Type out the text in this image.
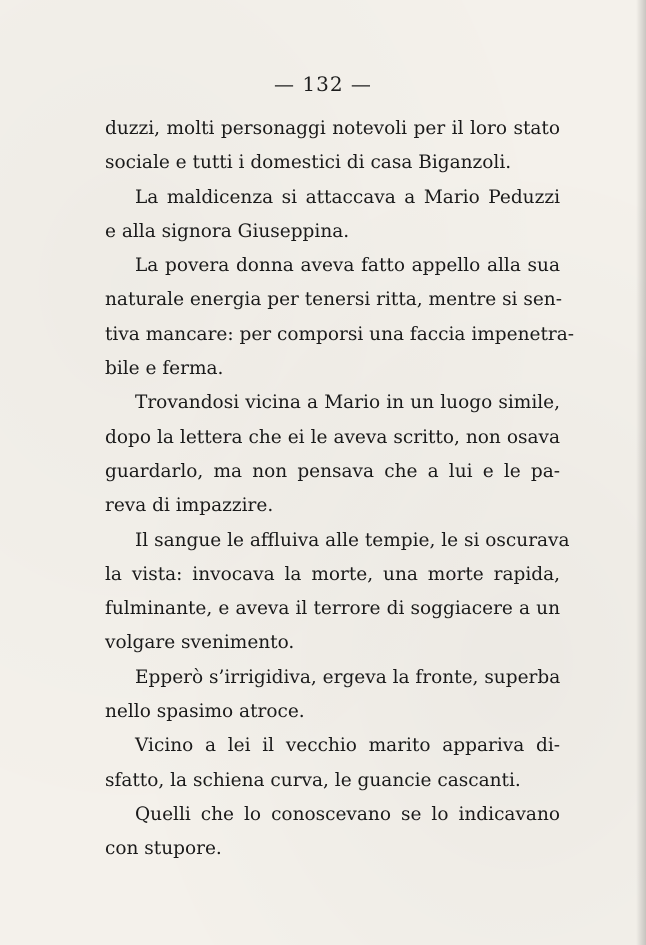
— 132 —
duzzi, molti personaggi notevoli per il loro stato
sociale e tutti i domestici di casa Biganzoli.
La maldicenza si attaccava a Mario Peduzzi
e alla signora Giuseppina.
La povera donna aveva fatto appello alla sua
naturale energia per tenersi ritta, mentre si sen-
tiva mancare: per comporsi una faccia impenetra-
bile e ferma.
Trovandosi vicina a Mario in un luogo simile,
dopo la lettera che ei le aveva scritto, non osava
guardarlo, ma non pensava che a lui e le pa-
reva di impazzire.
Il sangue le affluiva alle tempie, le si oscurava
la vista: invocava la morte, una morte rapida,
fulminante, e aveva il terrore di soggiacere a un
volgare svenimento.
Epperò s’irrigidiva, ergeva la fronte, superba
nello spasimo atroce.
Vicino a lei il vecchio marito appariva di-
sfatto, la schiena curva, le guancie cascanti.
Quelli che lo conoscevano se lo indicavano
con stupore.
